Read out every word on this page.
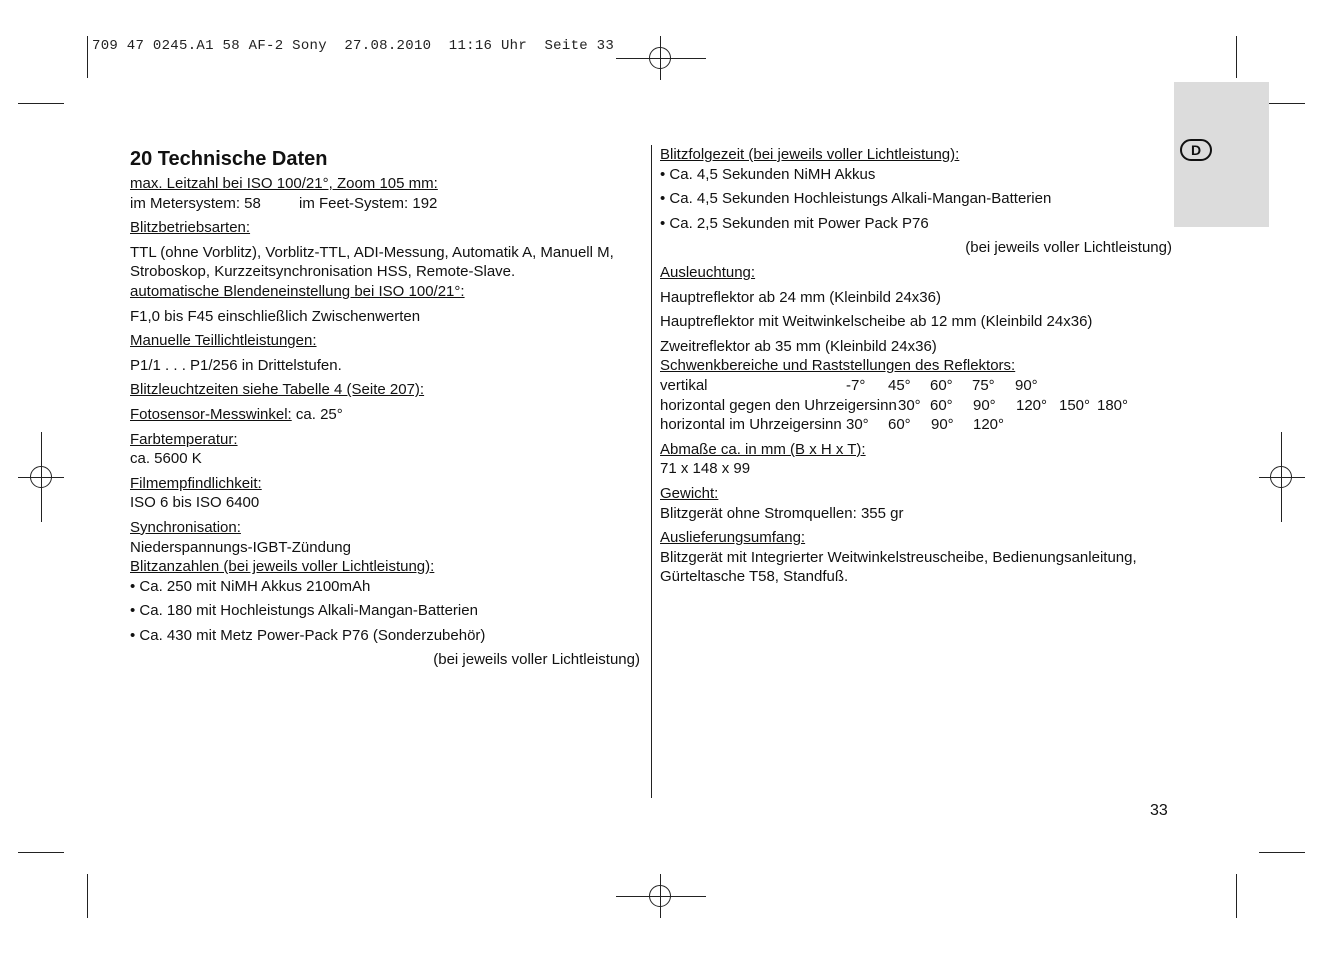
709 47 0245.A1 58 AF-2 Sony  27.08.2010  11:16 Uhr  Seite 33
D
20 Technische Daten
max. Leitzahl bei ISO 100/21°, Zoom 105 mm:
im Metersystem: 58	im Feet-System: 192
Blitzbetriebsarten:
TTL (ohne Vorblitz), Vorblitz-TTL, ADI-Messung, Automatik A, Manuell M,
Stroboskop, Kurzzeitsynchronisation HSS, Remote-Slave.
automatische Blendeneinstellung bei ISO 100/21°:
F1,0 bis F45 einschließlich Zwischenwerten
Manuelle Teillichtleistungen:
P1/1 . . . P1/256 in Drittelstufen.
Blitzleuchtzeiten siehe Tabelle 4 (Seite 207):
Fotosensor-Messwinkel: ca. 25°
Farbtemperatur:
ca. 5600 K
Filmempfindlichkeit:
ISO 6 bis ISO 6400
Synchronisation:
Niederspannungs-IGBT-Zündung
Blitzanzahlen (bei jeweils voller Lichtleistung):
• Ca. 250 mit NiMH Akkus 2100mAh
• Ca. 180 mit Hochleistungs Alkali-Mangan-Batterien
• Ca. 430 mit Metz Power-Pack P76 (Sonderzubehör)
(bei jeweils voller Lichtleistung)
Blitzfolgezeit (bei jeweils voller Lichtleistung):
• Ca. 4,5 Sekunden NiMH Akkus
• Ca. 4,5 Sekunden Hochleistungs Alkali-Mangan-Batterien
• Ca. 2,5 Sekunden mit Power Pack P76
(bei jeweils voller Lichtleistung)
Ausleuchtung:
Hauptreflektor ab 24 mm (Kleinbild 24x36)
Hauptreflektor mit Weitwinkelscheibe ab 12 mm (Kleinbild 24x36)
Zweitreflektor ab 35 mm (Kleinbild 24x36)
Schwenkbereiche und Raststellungen des Reflektors:
vertikal	-7°	45°	60°	75°	90°
horizontal gegen den Uhrzeigersinn 30° 60°	90°	120° 150° 180°
horizontal im Uhrzeigersinn 30°	60°	90°	120°
Abmaße ca. in mm (B x H x T):
71 x 148 x 99
Gewicht:
Blitzgerät ohne Stromquellen: 355 gr
Auslieferungsumfang:
Blitzgerät mit Integrierter Weitwinkelstreuscheibe, Bedienungsanleitung,
Gürteltasche T58, Standfuß.
33
